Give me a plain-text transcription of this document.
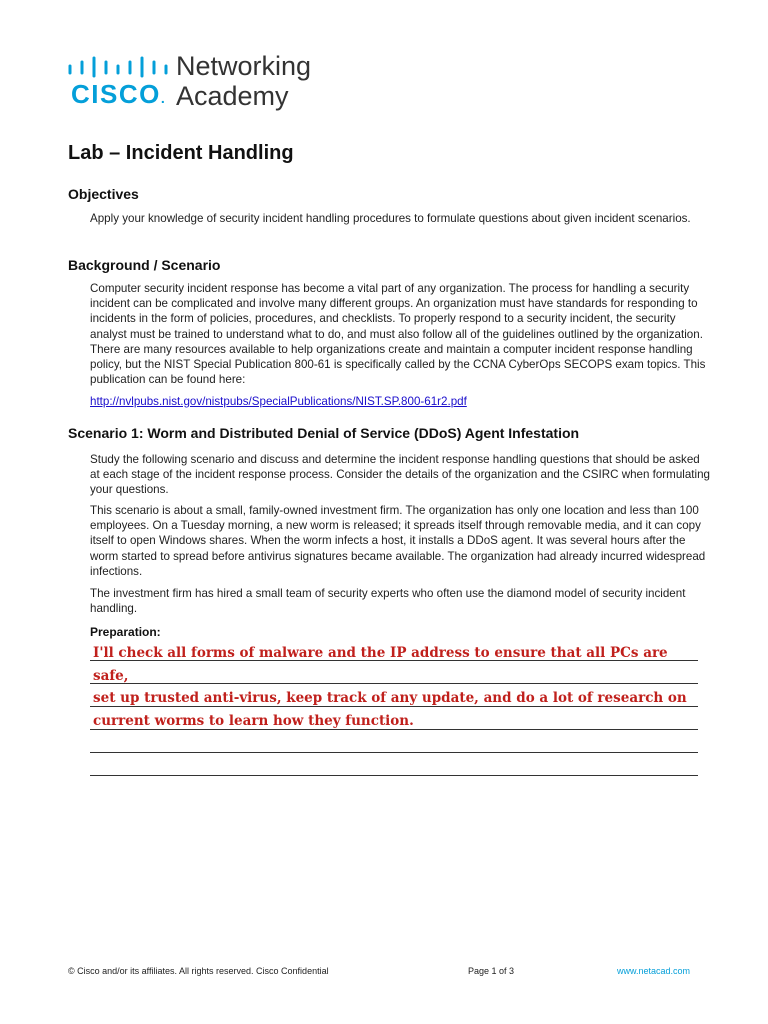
CISCO.
Networking
Academy
Lab – Incident Handling
Objectives

Apply your knowledge of security incident handling procedures to formulate questions about given incident scenarios.

Background / Scenario

Computer security incident response has become a vital part of any organization. The process for handling a security incident can be complicated and involve many different groups. An organization must have standards for responding to incidents in the form of policies, procedures, and checklists. To properly respond to a security incident, the security analyst must be trained to understand what to do, and must also follow all of the guidelines outlined by the organization. There are many resources available to help organizations create and maintain a computer incident response handling policy, but the NIST Special Publication 800-61 is specifically called by the CCNA CyberOps SECOPS exam topics. This publication can be found here:

http://nvlpubs.nist.gov/nistpubs/SpecialPublications/NIST.SP.800-61r2.pdf

Scenario 1: Worm and Distributed Denial of Service (DDoS) Agent Infestation

Study the following scenario and discuss and determine the incident response handling questions that should be asked at each stage of the incident response process. Consider the details of the organization and the CSIRC when formulating your questions.

This scenario is about a small, family-owned investment firm. The organization has only one location and less than 100 employees. On a Tuesday morning, a new worm is released; it spreads itself through removable media, and it can copy itself to open Windows shares. When the worm infects a host, it installs a DDoS agent. It was several hours after the worm started to spread before antivirus signatures became available. The organization had already incurred widespread infections.

The investment firm has hired a small team of security experts who often use the diamond model of security incident handling.

Preparation:

I'll check all forms of malware and the IP address to ensure that all PCs are safe,
set up trusted anti-virus, keep track of any update, and do a lot of research on
current worms to learn how they function.
© Cisco and/or its affiliates. All rights reserved. Cisco Confidential	Page 1 of 3	www.netacad.com
